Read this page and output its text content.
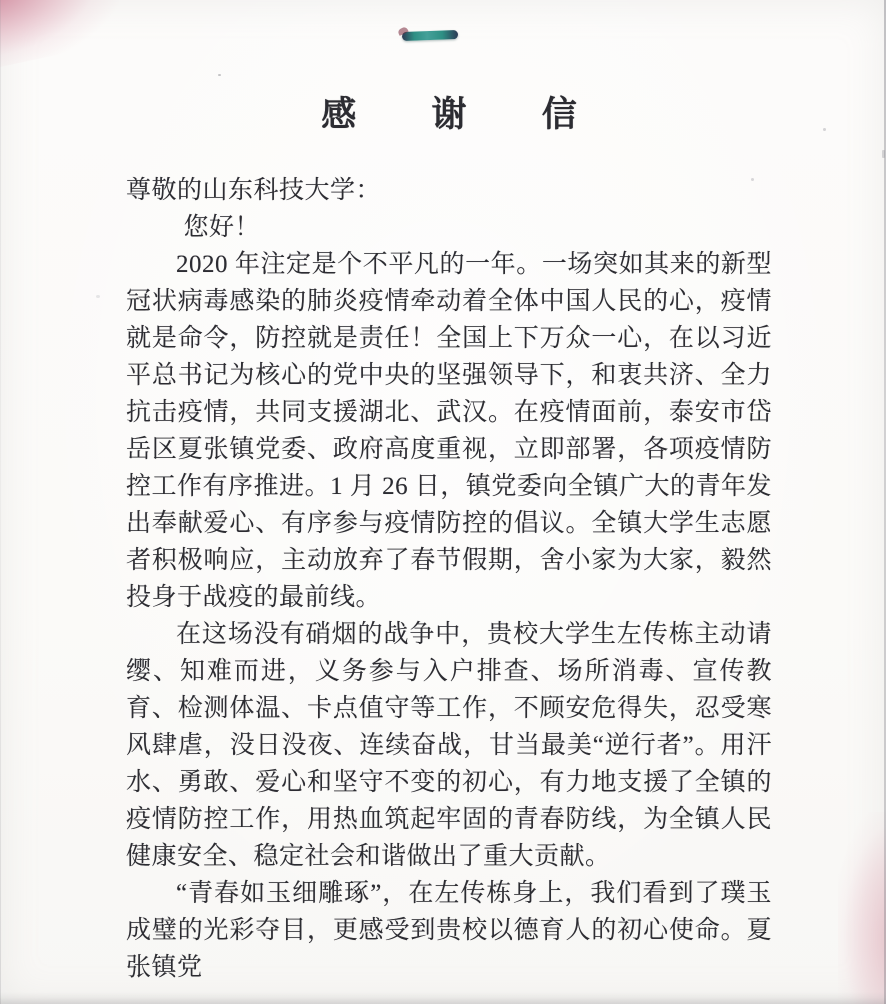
感 谢 信

尊敬的山东科技大学：

您好！

2020 年注定是个不平凡的一年。一场突如其来的新型冠状病毒感染的肺炎疫情牵动着全体中国人民的心，疫情就是命令，防控就是责任！全国上下万众一心，在以习近平总书记为核心的党中央的坚强领导下，和衷共济、全力抗击疫情，共同支援湖北、武汉。在疫情面前，泰安市岱岳区夏张镇党委、政府高度重视，立即部署，各项疫情防控工作有序推进。1 月 26 日，镇党委向全镇广大的青年发出奉献爱心、有序参与疫情防控的倡议。全镇大学生志愿者积极响应，主动放弃了春节假期，舍小家为大家，毅然投身于战疫的最前线。

在这场没有硝烟的战争中，贵校大学生左传栋主动请缨、知难而进，义务参与入户排查、场所消毒、宣传教育、检测体温、卡点值守等工作，不顾安危得失，忍受寒风肆虐，没日没夜、连续奋战，甘当最美“逆行者”。用汗水、勇敢、爱心和坚守不变的初心，有力地支援了全镇的疫情防控工作，用热血筑起牢固的青春防线，为全镇人民健康安全、稳定社会和谐做出了重大贡献。

“青春如玉细雕琢”，在左传栋身上，我们看到了璞玉成璧的光彩夺目，更感受到贵校以德育人的初心使命。夏张镇党
